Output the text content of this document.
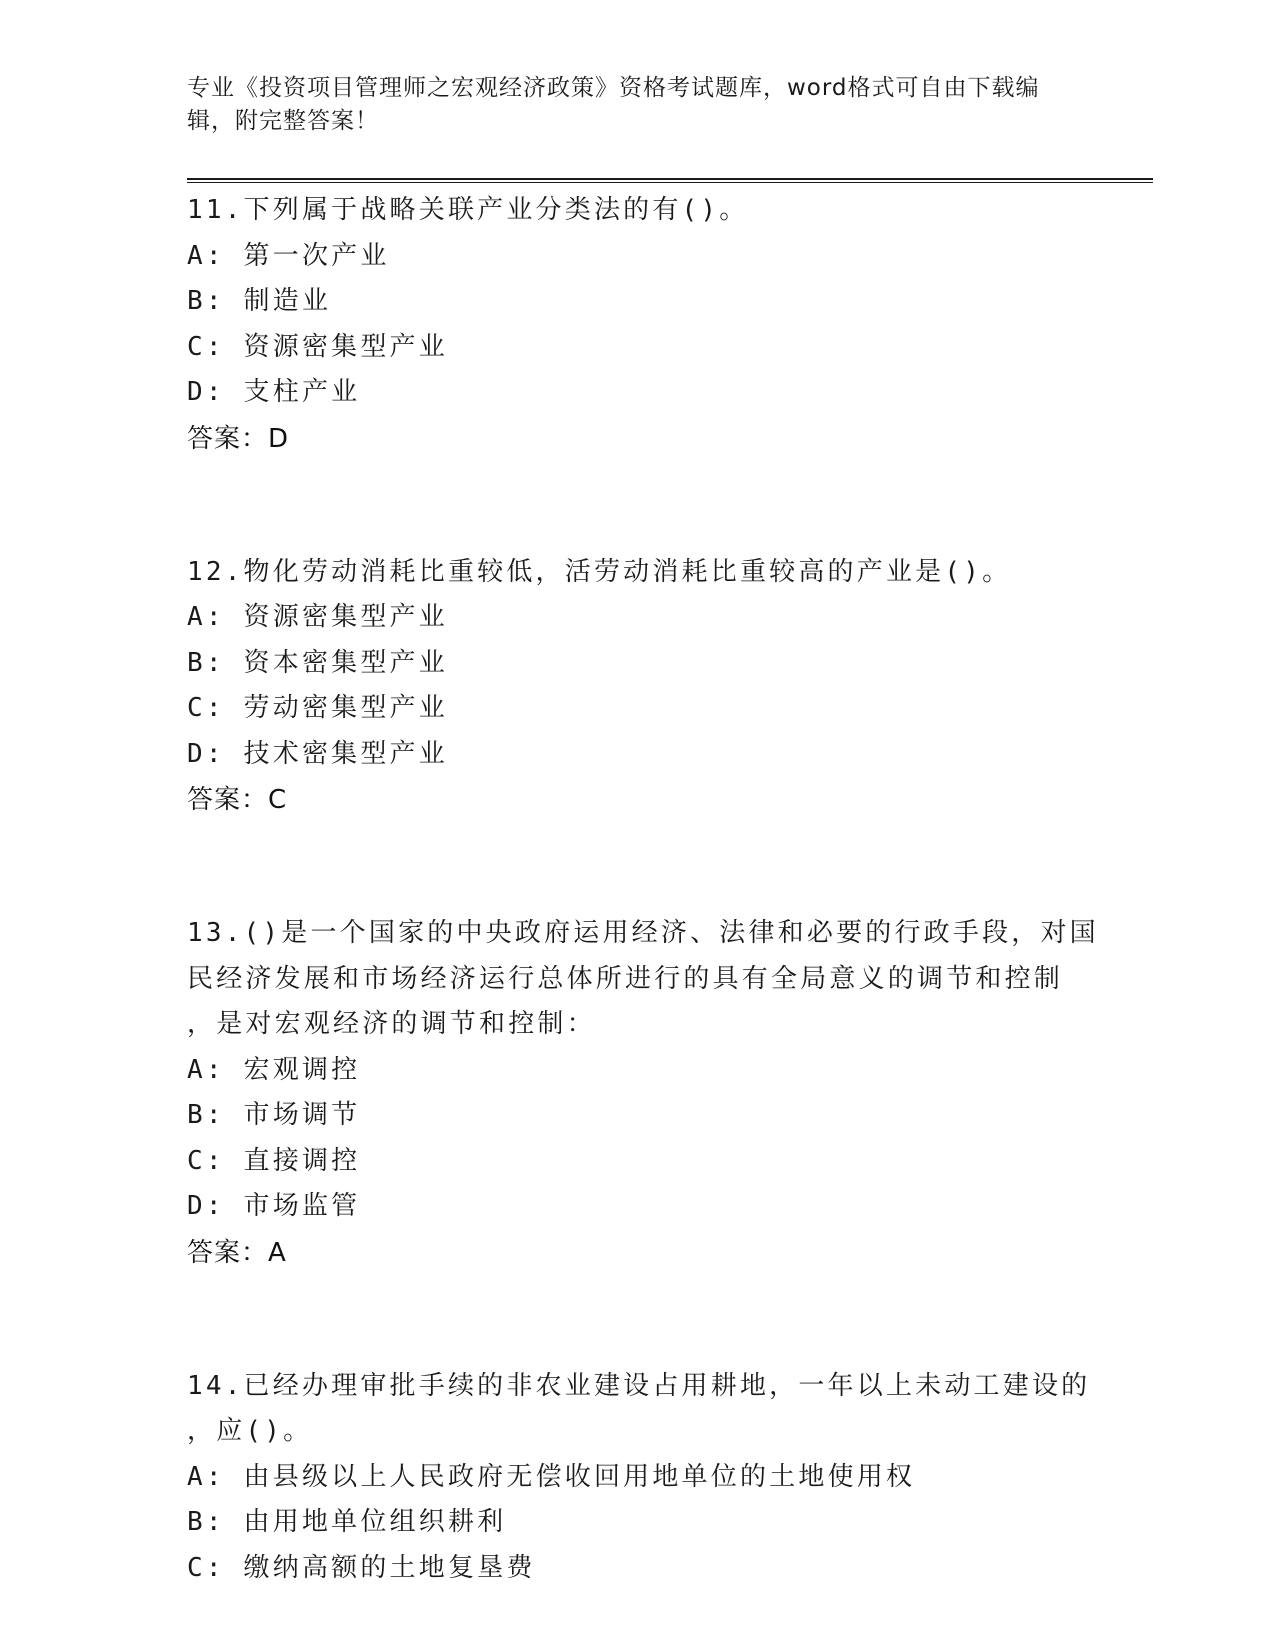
专业《投资项目管理师之宏观经济政策》资格考试题库，word格式可自由下载编辑，附完整答案！
11.下列属于战略关联产业分类法的有()。
A: 第一次产业
B: 制造业
C: 资源密集型产业
D: 支柱产业
答案：D
12.物化劳动消耗比重较低，活劳动消耗比重较高的产业是()。
A: 资源密集型产业
B: 资本密集型产业
C: 劳动密集型产业
D: 技术密集型产业
答案：C
13.()是一个国家的中央政府运用经济、法律和必要的行政手段，对国
民经济发展和市场经济运行总体所进行的具有全局意义的调节和控制
，是对宏观经济的调节和控制：
A: 宏观调控
B: 市场调节
C: 直接调控
D: 市场监管
答案：A
14.已经办理审批手续的非农业建设占用耕地，一年以上未动工建设的
，应()。
A: 由县级以上人民政府无偿收回用地单位的土地使用权
B: 由用地单位组织耕利
C: 缴纳高额的土地复垦费
